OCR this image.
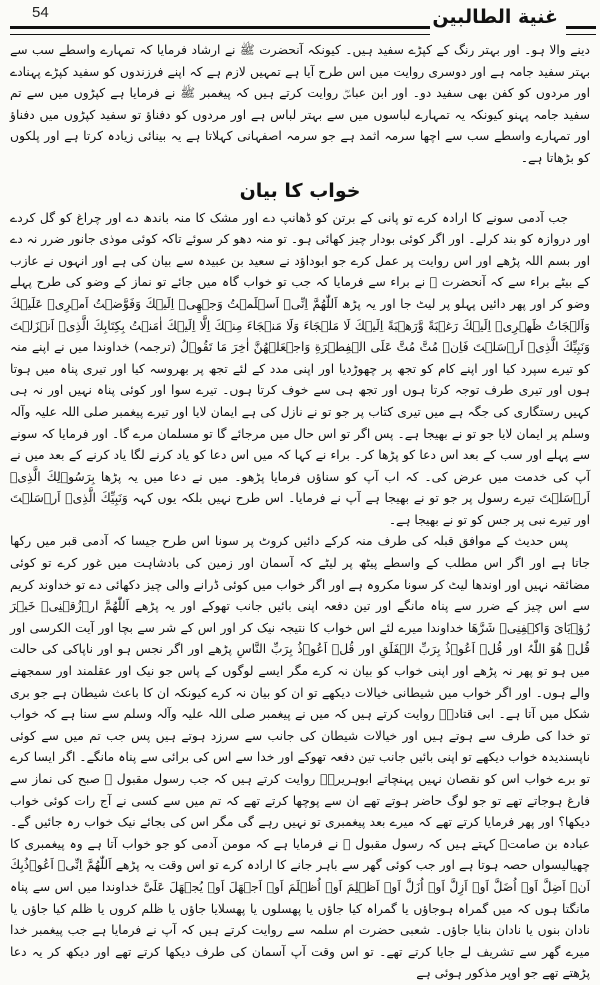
54	غنية الطالبين

دینے والا ہو۔ اور بہتر رنگ کے کپڑے سفید ہیں۔ کیونکہ آنحضرت ﷺ نے ارشاد فرمایا کہ تمہارے واسطے سب سے بہتر سفید جامہ ہے اور دوسری روایت میں اس طرح آیا ہے تمہیں لازم ہے کہ اپنے فرزندوں کو سفید کپڑے پہنادے اور مردوں کو کفن بھی سفید دو۔ اور ابن عباسؓ روایت کرتے ہیں کہ پیغمبر ﷺ نے فرمایا ہے کپڑوں میں سے تم سفید جامہ پہنو کیونکہ یہ تمہارے لباسوں میں سے بہتر لباس ہے اور مردوں کو دفناؤ تو سفید کپڑوں میں دفناؤ اور تمہارے واسطے سب سے اچھا سرمہ اثمد ہے جو سرمہ اصفہانی کہلاتا ہے یہ بینائی زیادہ کرتا ہے اور پلکوں کو بڑھاتا ہے۔

خواب کا بیان

جب آدمی سونے کا ارادہ کرے تو پانی کے برتن کو ڈھانپ دے اور مشک کا منہ باندھ دے اور چراغ کو گل کردے اور دروازہ کو بند کرلے۔ اور اگر کوئی بودار چیز کھائی ہو۔ تو منہ دھو کر سوئے تاکہ کوئی موذی جانور ضرر نہ دے اور بسم اللہ پڑھے اور اس روایت پر عمل کرے جو ابوداؤد نے سعید بن عبیدہ سے بیان کی ہے اور انہوں نے عازب کے بیٹے براء سے کہ آنحضرت ﷺ نے براء سے فرمایا کہ جب تو خواب گاہ میں جائے تو نماز کے وضو کی طرح پہلے وضو کر اور پھر دائیں پہلو پر لیٹ جا اور یہ پڑھ اَللّٰھُمَّ اِنِّیۡ اَسۡلَمۡتُ وَجۡھِیۡ اِلَیۡكَ وَفَوَّضۡتُ اَمۡرِیۡ عَلَیۡكَ وَاَلۡجَاتُ ظَھۡرِیۡ اِلَیۡكَ رَغۡبَةً وَّرَھۡبَةً اِلَیۡكَ لَا مَلۡجَاءَ وَلَا مَنۡجَاءَ مِنۡكَ اِلَّا اِلَیۡكَ اٰمَنۡتُ بِكِتَابِكَ الَّذِیۡ اَنۡزَلۡتَ وَنَبِیِّكَ الَّذِیۡ اَرۡسَلۡتَ فَاِنۡ مُتَّ مُتَّ عَلَی الۡفِطۡرَةِ وَاجۡعَلۡھُنَّ اٰخِرَ مَا تَقُوۡلُ (ترجمہ) خداوندا میں نے اپنے منہ کو تیرے سپرد کیا اور اپنے کام کو تجھ پر چھوڑدیا اور اپنی مدد کے لئے تجھ پر بھروسہ کیا اور تیری پناہ میں ہوتا ہوں اور تیری طرف توجہ کرتا ہوں اور تجھ ہی سے خوف کرتا ہوں۔ تیرے سوا اور کوئی پناہ نہیں اور نہ ہی کہیں رستگاری کی جگہ ہے میں تیری کتاب پر جو تو نے نازل کی ہے ایمان لایا اور تیرے پیغمبر صلی اللہ علیہ وآلہ وسلم پر ایمان لایا جو تو نے بھیجا ہے۔ پس اگر تو اس حال میں مرجائے گا تو مسلمان مرے گا۔ اور فرمایا کہ سونے سے پہلے اور سب کے بعد اس دعا کو پڑھا کر۔ براء نے کہا کہ میں اس دعا کو یاد کرنے لگا یاد کرنے کے بعد میں نے آپ کی خدمت میں عرض کی۔ کہ اب آپ کو سناؤں فرمایا پڑھو۔ میں نے دعا میں یہ پڑھا بِرَسُوۡلِكَ الَّذِیۡ اَرۡسَلۡتَ تیرے رسول پر جو تو نے بھیجا ہے آپ نے فرمایا۔ اس طرح نہیں بلکہ یوں کہہ وَنَبِیِّكَ الَّذِیۡ اَرۡسَلۡتَ اور تیرے نبی پر جس کو تو نے بھیجا ہے۔

پس حدیث کے موافق قبلہ کی طرف منہ کرکے دائیں کروٹ پر سونا اس طرح جیسا کہ آدمی قبر میں رکھا جاتا ہے اور اگر اس مطلب کے واسطے پیٹھ پر لیٹے کہ آسمان اور زمین کی بادشاہت میں غور کرے تو کوئی مضائقہ نہیں اور اوندھا لیٹ کر سونا مکروہ ہے اور اگر خواب میں کوئی ڈرانے والی چیز دکھائی دے تو خداوند کریم سے اس چیز کے ضرر سے پناہ مانگے اور تین دفعہ اپنی بائیں جانب تھوکے اور یہ پڑھے اَللّٰھُمَّ ارۡزُقۡنِیۡ خَیۡرَ رُؤۡیَایَ وَاکۡفِنِیۡ شَرَّھَا خداوندا میرے لئے اس خواب کا نتیجہ نیک کر اور اس کے شر سے بچا اور آیت الکرسی اور قُلۡ ھُوَ اللّٰہُ اور قُلۡ اَعُوۡذُ بِرَبِّ الۡفَلَقِ اور قُلۡ اَعُوۡذُ بِرَبِّ النَّاسِ پڑھے اور اگر نجس ہو اور ناپاکی کی حالت میں ہو تو پھر نہ پڑھے اور اپنی خواب کو بیان نہ کرے مگر ایسے لوگوں کے پاس جو نیک اور عقلمند اور سمجھنے والے ہوں۔ اور اگر خواب میں شیطانی خیالات دیکھے تو ان کو بیان نہ کرے کیونکہ ان کا باعث شیطان ہے جو بری شکل میں آتا ہے۔ ابی قتادہؓ روایت کرتے ہیں کہ میں نے پیغمبر صلی اللہ علیہ وآلہ وسلم سے سنا ہے کہ خواب تو خدا کی طرف سے ہوتے ہیں اور خیالات شیطان کی جانب سے سرزد ہوتے ہیں پس جب تم میں سے کوئی ناپسندیدہ خواب دیکھے تو اپنی بائیں جانب تین دفعہ تھوکے اور خدا سے اس کی برائی سے پناہ مانگے۔ اگر ایسا کرے تو برے خواب اس کو نقصان نہیں پہنچاتے ابوہریرہؓ روایت کرتے ہیں کہ جب رسول مقبول ﷺ صبح کی نماز سے فارغ ہوجاتے تھے تو جو لوگ حاضر ہوتے تھے ان سے پوچھا کرتے تھے کہ تم میں سے کسی نے آج رات کوئی خواب دیکھا؟ اور پھر فرمایا کرتے تھے کہ میرے بعد پیغمبری تو نہیں رہے گی مگر اس کی بجائے نیک خواب رہ جائیں گے۔ عبادہ بن صامتؓ کہتے ہیں کہ رسول مقبول ﷺ نے فرمایا ہے کہ مومن آدمی کو جو خواب آتا ہے وہ پیغمبری کا چھیالیسواں حصہ ہوتا ہے اور جب کوئی گھر سے باہر جانے کا ارادہ کرے تو اس وقت یہ پڑھے اَللّٰھُمَّ اِنِّیۡ اَعُوۡذُبِكَ اَنۡ اَضِلَّ اَوۡ اُضَلَّ اَوۡ اَزِلَّ اَوۡ اُزَلَّ اَوۡ اَظۡلِمَ اَوۡ اُظۡلَمَ اَوۡ اَجۡھَلَ اَوۡ یُجۡھَلَ عَلَیَّ خداوندا میں اس سے پناہ مانگتا ہوں کہ میں گمراہ ہوجاؤں یا گمراہ کیا جاؤں یا پھسلوں یا پھسلایا جاؤں یا ظلم کروں یا ظلم کیا جاؤں یا نادان بنوں یا نادان بنایا جاؤں۔ شعبی حضرت ام سلمہ سے روایت کرتے ہیں کہ آپ نے فرمایا ہے جب پیغمبر خدا میرے گھر سے تشریف لے جایا کرتے تھے۔ تو اس وقت آپ آسمان کی طرف دیکھا کرتے تھے اور دیکھ کر یہ دعا پڑھتے تھے جو اوپر مذکور ہوئی ہے
